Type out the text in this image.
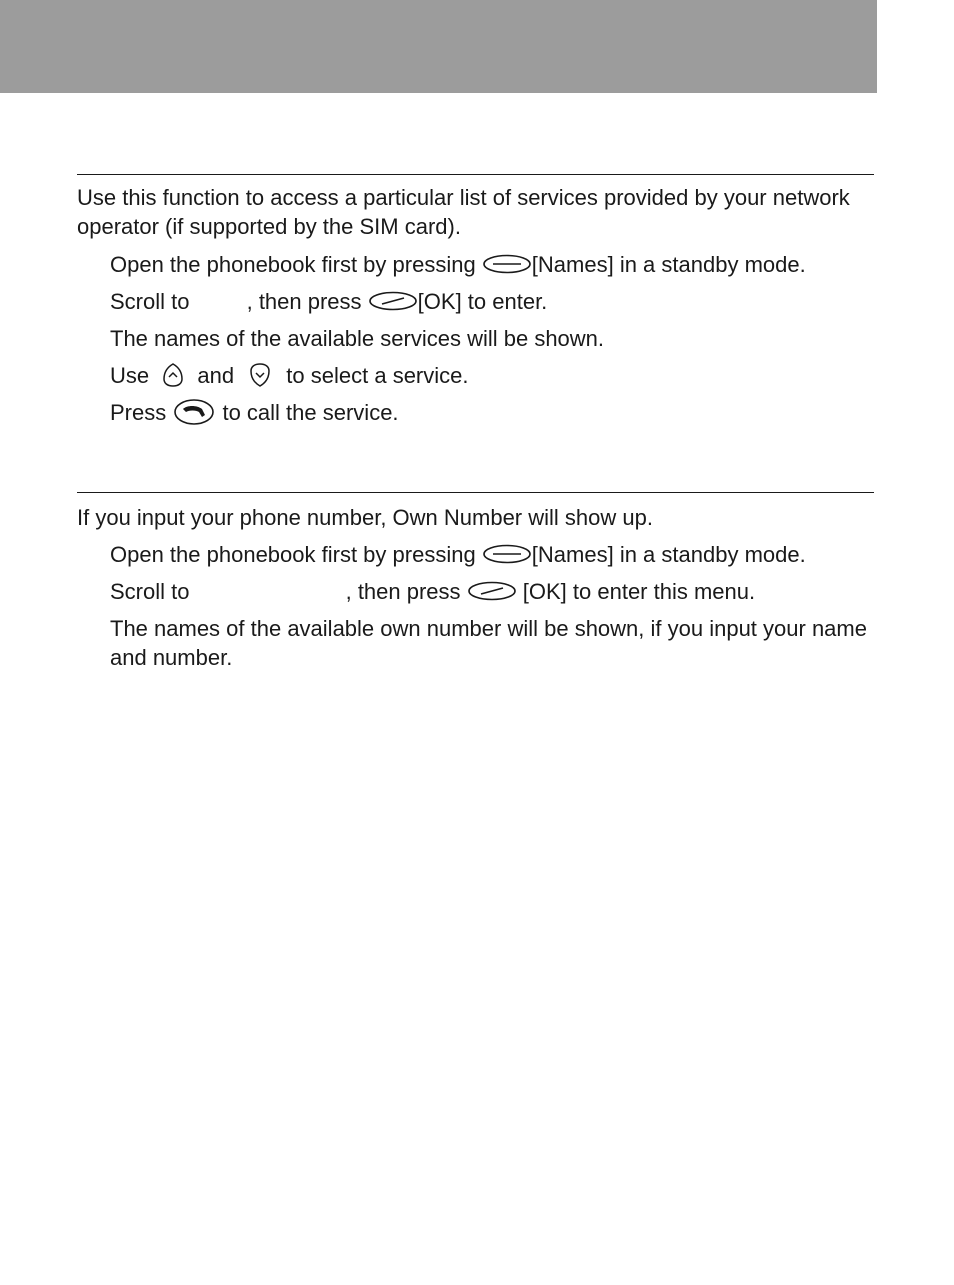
Use this function to access a particular list of services provided by your network operator (if supported by the SIM card).

Open the phonebook first by pressing
[Names] in a standby mode.
Scroll to , then press
[OK] to enter.
The names of the available services will be shown.
Use
and
to select a service.
Press
to call the service.

If you input your phone number, Own Number will show up.

Open the phonebook first by pressing
[Names] in a standby mode.
Scroll to	, then press
[OK] to enter this menu.
The names of the available own number will be shown, if you input your name and number.
